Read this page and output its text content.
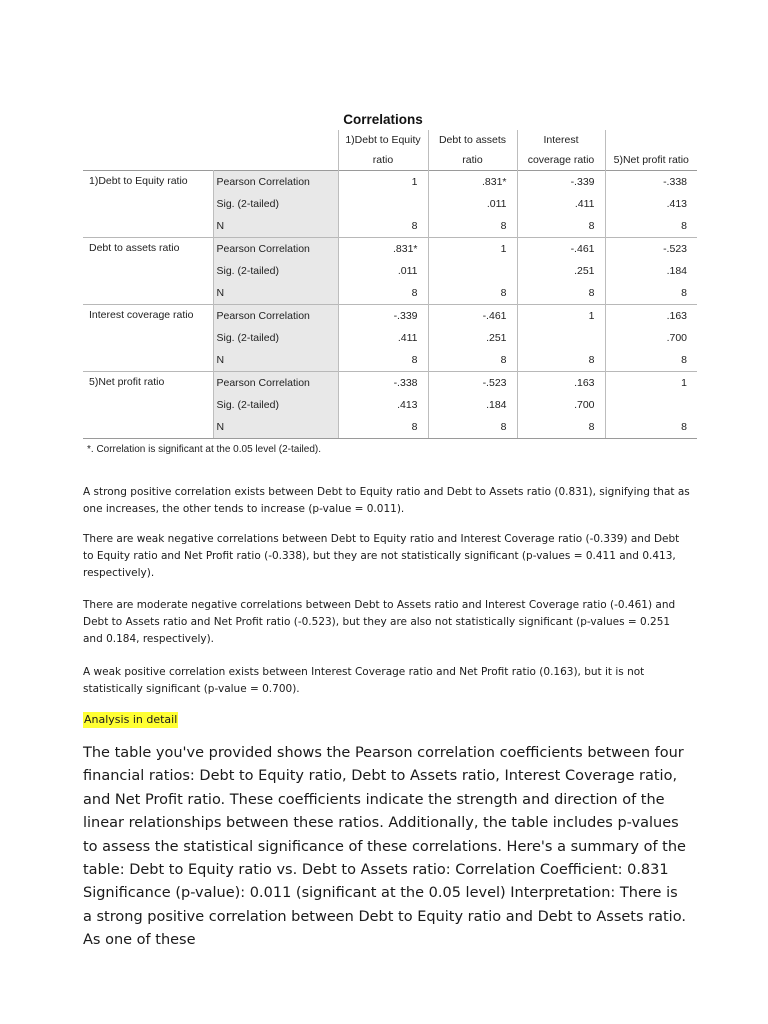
Correlations
		1)Debt to Equity	Debt to assets	Interest	
		ratio	ratio	coverage ratio	5)Net profit ratio
1)Debt to Equity ratio	Pearson Correlation	1	.831*	-.339	-.338
	Sig. (2-tailed)		.011	.411	.413
	N	8	8	8	8
Debt to assets ratio	Pearson Correlation	.831*	1	-.461	-.523
	Sig. (2-tailed)	.011		.251	.184
	N	8	8	8	8
Interest coverage ratio	Pearson Correlation	-.339	-.461	1	.163
	Sig. (2-tailed)	.411	.251		.700
	N	8	8	8	8
5)Net profit ratio	Pearson Correlation	-.338	-.523	.163	1
	Sig. (2-tailed)	.413	.184	.700	
	N	8	8	8	8
*. Correlation is significant at the 0.05 level (2-tailed).

A strong positive correlation exists between Debt to Equity ratio and Debt to Assets ratio (0.831), signifying that as one increases, the other tends to increase (p-value = 0.011).

There are weak negative correlations between Debt to Equity ratio and Interest Coverage ratio (-0.339) and Debt to Equity ratio and Net Profit ratio (-0.338), but they are not statistically significant (p-values = 0.411 and 0.413, respectively).

There are moderate negative correlations between Debt to Assets ratio and Interest Coverage ratio (-0.461) and Debt to Assets ratio and Net Profit ratio (-0.523), but they are also not statistically significant (p-values = 0.251 and 0.184, respectively).

A weak positive correlation exists between Interest Coverage ratio and Net Profit ratio (0.163), but it is not statistically significant (p-value = 0.700).

Analysis in detail

The table you've provided shows the Pearson correlation coefficients between four financial ratios: Debt to Equity ratio, Debt to Assets ratio, Interest Coverage ratio, and Net Profit ratio. These coefficients indicate the strength and direction of the linear relationships between these ratios. Additionally, the table includes p-values to assess the statistical significance of these correlations. Here's a summary of the table: Debt to Equity ratio vs. Debt to Assets ratio: Correlation Coefficient: 0.831 Significance (p-value): 0.011 (significant at the 0.05 level) Interpretation: There is a strong positive correlation between Debt to Equity ratio and Debt to Assets ratio. As one of these
